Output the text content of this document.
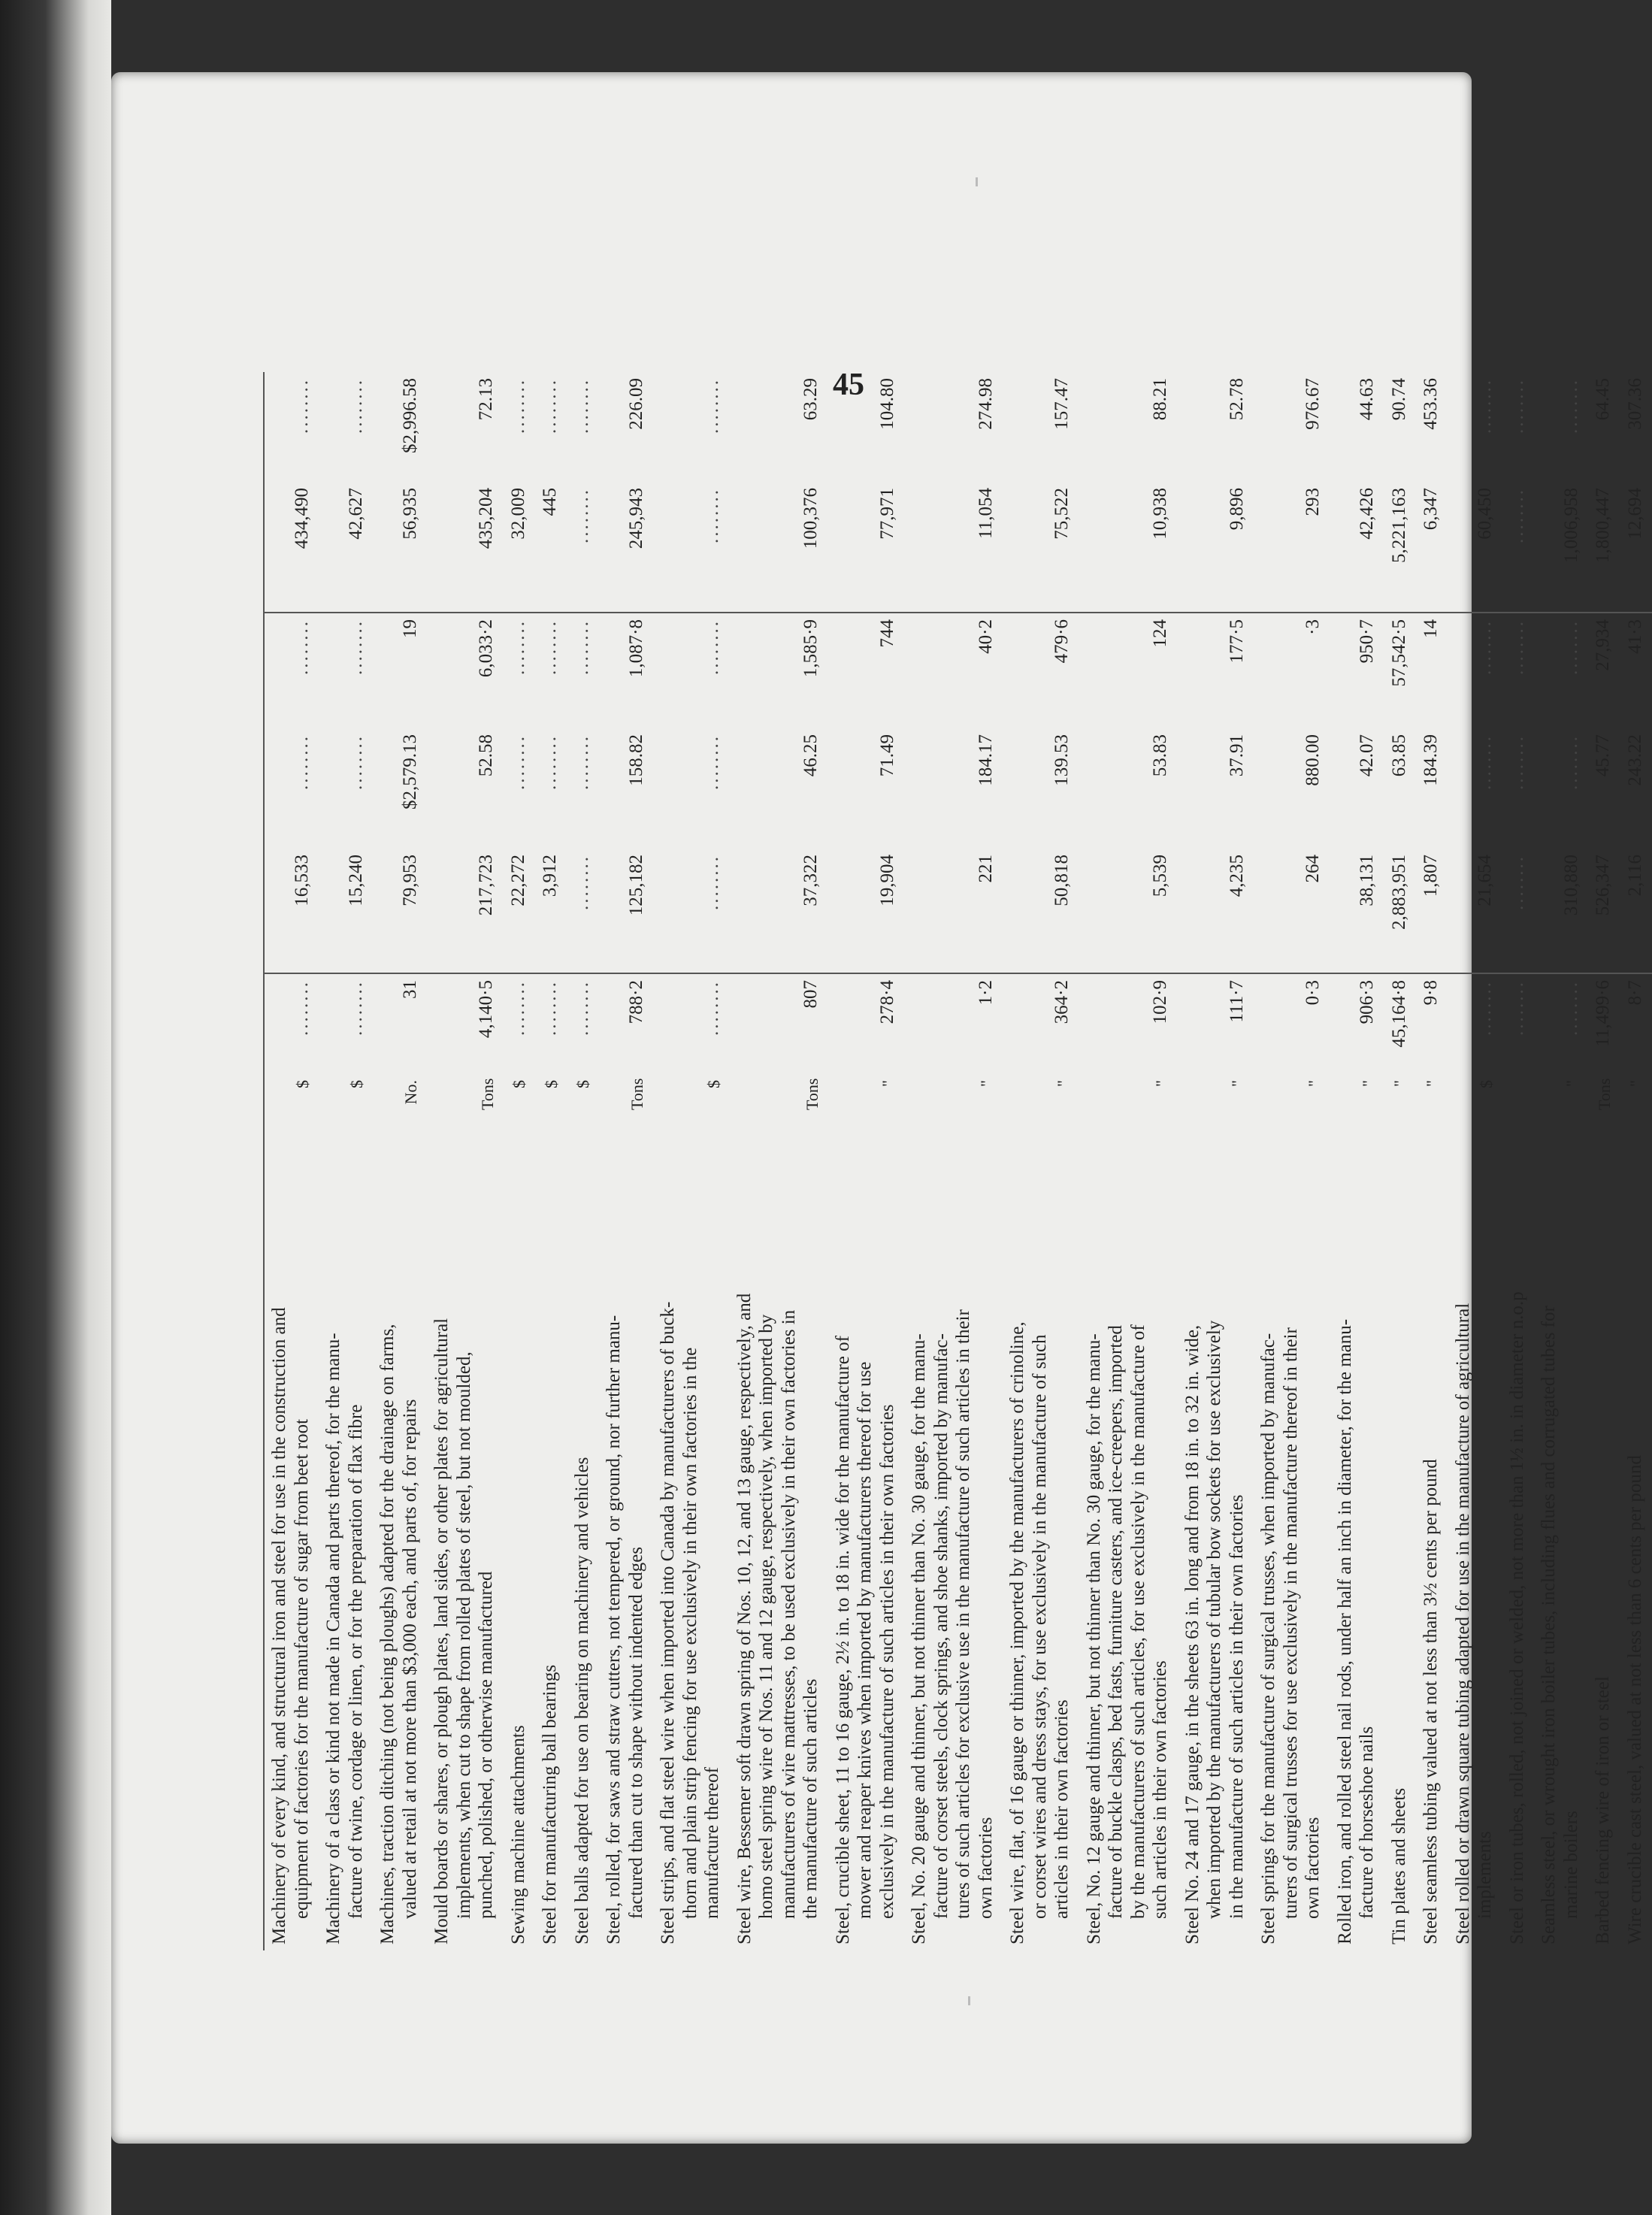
45
Machinery of every kind, and structural iron and steel for use in the construction and equipment of factories for the manufacture of sugar from beet root	$	........	16,533	........	........	434,490	........

Machinery of a class or kind not made in Canada and parts thereof, for the manu- facture of twine, cordage or linen, or for the preparation of flax fibre	$	........	15,240	........	........	42,627	........

Machines, traction ditching (not being ploughs) adapted for the drainage on farms, valued at retail at not more than $3,000 each, and parts of, for repairs	No.	31	79,953	$2,579.13	19	56,935	$2,996.58

Mould boards or shares, or plough plates, land sides, or other plates for agricultural implements, when cut to shape from rolled plates of steel, but not moulded, punched, polished, or otherwise manufactured	Tons	4,140·5	217,723	52.58	6,033·2	435,204	72.13

Sewing machine attachments	$	........	22,272	........	........	32,009	........

Steel for manufacturing ball bearings	$	........	3,912	........	........	445	........

Steel balls adapted for use on bearing on machinery and vehicles	$	........	........	........	........	........	........

Steel, rolled, for saws and straw cutters, not tempered, or ground, nor further manu- factured than cut to shape without indented edges	Tons	788·2	125,182	158.82	1,087·8	245,943	226.09

Steel strips, and flat steel wire when imported into Canada by manufacturers of buck- thorn and plain strip fencing for use exclusively in their own factories in the manufacture thereof	$	........	........	........	........	........	........

Steel wire, Bessemer soft drawn spring of Nos. 10, 12, and 13 gauge, respectively, and homo steel spring wire of Nos. 11 and 12 gauge, respectively, when imported by manufacturers of wire mattresses, to be used exclusively in their own factories in the manufacture of such articles	Tons	807	37,322	46.25	1,585·9	100,376	63.29

Steel, crucible sheet, 11 to 16 gauge, 2½ in. to 18 in. wide for the manufacture of mower and reaper knives when imported by manufacturers thereof for use exclusively in the manufacture of such articles in their own factories	"	278·4	19,904	71.49	744	77,971	104.80

Steel, No. 20 gauge and thinner, but not thinner than No. 30 gauge, for the manu- facture of corset steels, clock springs, and shoe shanks, imported by manufac- tures of such articles for exclusive use in the manufacture of such articles in their own factories	"	1·2	221	184.17	40·2	11,054	274.98

Steel wire, flat, of 16 gauge or thinner, imported by the manufacturers of crinoline, or corset wires and dress stays, for use exclusively in the manufacture of such articles in their own factories	"	364·2	50,818	139.53	479·6	75,522	157.47

Steel, No. 12 gauge and thinner, but not thinner than No. 30 gauge, for the manu- facture of buckle clasps, bed fasts, furniture casters, and ice-creepers, imported by the manufacturers of such articles, for use exclusively in the manufacture of such articles in their own factories	"	102·9	5,539	53.83	124	10,938	88.21

Steel No. 24 and 17 gauge, in the sheets 63 in. long and from 18 in. to 32 in. wide, when imported by the manufacturers of tubular bow sockets for use exclusively in the manufacture of such articles in their own factories	"	111·7	4,235	37.91	177·5	9,896	52.78

Steel springs for the manufacture of surgical trusses, when imported by manufac- turers of surgical trusses for use exclusively in the manufacture thereof in their own factories	"	0·3	264	880.00	·3	293	976.67

Rolled iron, and rolled steel nail rods, under half an inch in diameter, for the manu- facture of horseshoe nails	"	906·3	38,131	42.07	950·7	42,426	44.63

Tin plates and sheets	"	45,164·8	2,883,951	63.85	57,542·5	5,221,163	90.74

Steel seamless tubing valued at not less than 3½ cents per pound	"	9·8	1,807	184.39	14	6,347	453.36

Steel rolled or drawn square tubing adapted for use in the manufacture of agricultural implements	$	........	21,654	........	........	60,450	........

Steel or iron tubes, rolled, not joined or welded, not more than 1½ in. in diameter n.o.p		........	........	........	........	........	........

Seamless steel, or wrought iron boiler tubes, including flues and corrugated tubes for marine boilers	"	........	310,880	........	........	1,006,958	........

Barbed fencing wire of iron or steel	Tons	11,499·6	526,347	45.77	27,934	1,800,447	64.45

Wire crucible cast steel, valued at not less than 6 cents per pound	"	8·7	2,116	243.22	41·3	12,694	307.36
